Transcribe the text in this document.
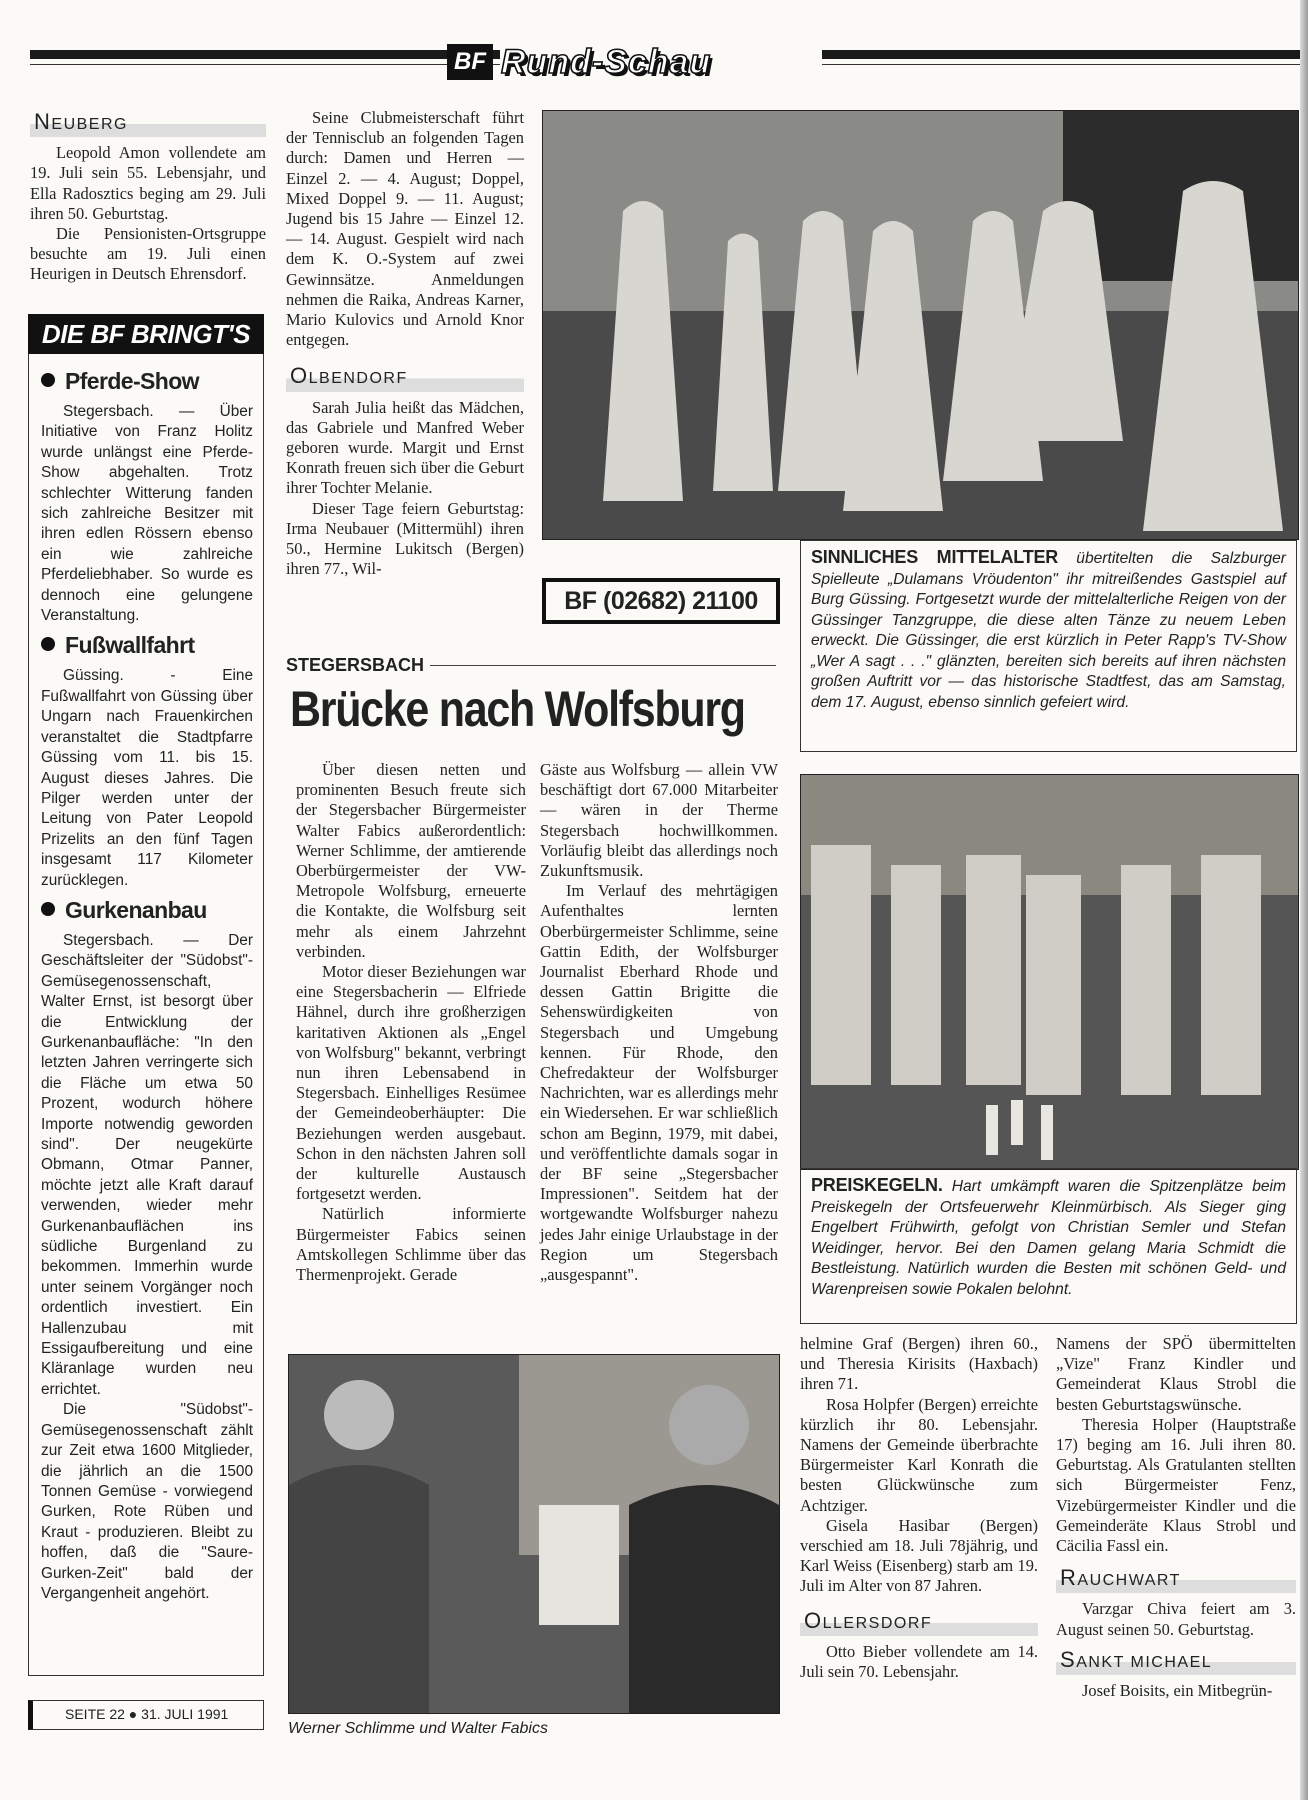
BF Rund-Schau
NEUBERG

Leopold Amon vollendete am 19. Juli sein 55. Lebensjahr, und Ella Radosztics beging am 29. Juli ihren 50. Geburtstag.

Die Pensionisten-Ortsgruppe besuchte am 19. Juli einen Heurigen in Deutsch Ehrensdorf.

DIE BF BRINGT'S
Pferde-Show

Stegersbach. — Über Initiative von Franz Holitz wurde unlängst eine Pferde-Show abgehalten. Trotz schlechter Witterung fanden sich zahlreiche Besitzer mit ihren edlen Rössern ebenso ein wie zahlreiche Pferdeliebhaber. So wurde es dennoch eine gelungene Veranstaltung.

Fußwallfahrt

Güssing. - Eine Fußwallfahrt von Güssing über Ungarn nach Frauenkirchen veranstaltet die Stadtpfarre Güssing vom 11. bis 15. August dieses Jahres. Die Pilger werden unter der Leitung von Pater Leopold Prizelits an den fünf Tagen insgesamt 117 Kilometer zurücklegen.

Gurkenanbau

Stegersbach. — Der Geschäftsleiter der "Südobst"-Gemüsegenossenschaft, Walter Ernst, ist besorgt über die Entwicklung der Gurkenanbaufläche: "In den letzten Jahren verringerte sich die Fläche um etwa 50 Prozent, wodurch höhere Importe notwendig geworden sind". Der neugekürte Obmann, Otmar Panner, möchte jetzt alle Kraft darauf verwenden, wieder mehr Gurkenanbauflächen ins südliche Burgenland zu bekommen. Immerhin wurde unter seinem Vorgänger noch ordentlich investiert. Ein Hallenzubau mit Essigaufbereitung und eine Kläranlage wurden neu errichtet.

Die "Südobst"-Gemüsegenossenschaft zählt zur Zeit etwa 1600 Mitglieder, die jährlich an die 1500 Tonnen Gemüse - vorwiegend Gurken, Rote Rüben und Kraut - produzieren. Bleibt zu hoffen, daß die "Saure-Gurken-Zeit" bald der Vergangenheit angehört.

SEITE 22 ● 31. JULI 1991

Seine Clubmeisterschaft führt der Tennisclub an folgenden Tagen durch: Damen und Herren — Einzel 2. — 4. August; Doppel, Mixed Doppel 9. — 11. August; Jugend bis 15 Jahre — Einzel 12. — 14. August. Gespielt wird nach dem K. O.-System auf zwei Gewinnsätze. Anmeldungen nehmen die Raika, Andreas Karner, Mario Kulovics und Arnold Knor entgegen.

OLBENDORF

Sarah Julia heißt das Mädchen, das Gabriele und Manfred Weber geboren wurde. Margit und Ernst Konrath freuen sich über die Geburt ihrer Tochter Melanie.

Dieser Tage feiern Geburtstag: Irma Neubauer (Mittermühl) ihren 50., Hermine Lukitsch (Bergen) ihren 77., Wil-

SINNLICHES MITTELALTER übertitelten die Salzburger Spielleute „Dulamans Vröudenton" ihr mitreißendes Gastspiel auf Burg Güssing. Fortgesetzt wurde der mittelalterliche Reigen von der Güssinger Tanzgruppe, die diese alten Tänze zu neuem Leben erweckt. Die Güssinger, die erst kürzlich in Peter Rapp's TV-Show „Wer A sagt . . ." glänzten, bereiten sich bereits auf ihren nächsten großen Auftritt vor — das historische Stadtfest, das am Samstag, dem 17. August, ebenso sinnlich gefeiert wird.
BF (02682) 21100
STEGERSBACH
Brücke nach Wolfsburg

Über diesen netten und prominenten Besuch freute sich der Stegersbacher Bürgermeister Walter Fabics außerordentlich: Werner Schlimme, der amtierende Oberbürgermeister der VW-Metropole Wolfsburg, erneuerte die Kontakte, die Wolfsburg seit mehr als einem Jahrzehnt verbinden.

Motor dieser Beziehungen war eine Stegersbacherin — Elfriede Hähnel, durch ihre großherzigen karitativen Aktionen als „Engel von Wolfsburg" bekannt, verbringt nun ihren Lebensabend in Stegersbach. Einhelliges Resümee der Gemeindeoberhäupter: Die Beziehungen werden ausgebaut. Schon in den nächsten Jahren soll der kulturelle Austausch fortgesetzt werden.

Natürlich informierte Bürgermeister Fabics seinen Amtskollegen Schlimme über das Thermenprojekt. Gerade

Gäste aus Wolfsburg — allein VW beschäftigt dort 67.000 Mitarbeiter — wären in der Therme Stegersbach hochwillkommen. Vorläufig bleibt das allerdings noch Zukunftsmusik.

Im Verlauf des mehrtägigen Aufenthaltes lernten Oberbürgermeister Schlimme, seine Gattin Edith, der Wolfsburger Journalist Eberhard Rhode und dessen Gattin Brigitte die Sehenswürdigkeiten von Stegersbach und Umgebung kennen. Für Rhode, den Chefredakteur der Wolfsburger Nachrichten, war es allerdings mehr ein Wiedersehen. Er war schließlich schon am Beginn, 1979, mit dabei, und veröffentlichte damals sogar in der BF seine „Stegersbacher Impressionen". Seitdem hat der wortgewandte Wolfsburger nahezu jedes Jahr einige Urlaubstage in der Region um Stegersbach „ausgespannt".

PREISKEGELN. Hart umkämpft waren die Spitzenplätze beim Preiskegeln der Ortsfeuerwehr Kleinmürbisch. Als Sieger ging Engelbert Frühwirth, gefolgt von Christian Semler und Stefan Weidinger, hervor. Bei den Damen gelang Maria Schmidt die Bestleistung. Natürlich wurden die Besten mit schönen Geld- und Warenpreisen sowie Pokalen belohnt.
Werner Schlimme und Walter Fabics

helmine Graf (Bergen) ihren 60., und Theresia Kirisits (Haxbach) ihren 71.

Rosa Holpfer (Bergen) erreichte kürzlich ihr 80. Lebensjahr. Namens der Gemeinde überbrachte Bürgermeister Karl Konrath die besten Glückwünsche zum Achtziger.

Gisela Hasibar (Bergen) verschied am 18. Juli 78jährig, und Karl Weiss (Eisenberg) starb am 19. Juli im Alter von 87 Jahren.

OLLERSDORF

Otto Bieber vollendete am 14. Juli sein 70. Lebensjahr.

Namens der SPÖ übermittelten „Vize" Franz Kindler und Gemeinderat Klaus Strobl die besten Geburtstagswünsche.

Theresia Holper (Hauptstraße 17) beging am 16. Juli ihren 80. Geburtstag. Als Gratulanten stellten sich Bürgermeister Fenz, Vizebürgermeister Kindler und die Gemeinderäte Klaus Strobl und Cäcilia Fassl ein.

RAUCHWART

Varzgar Chiva feiert am 3. August seinen 50. Geburtstag.

SANKT MICHAEL

Josef Boisits, ein Mitbegrün-
